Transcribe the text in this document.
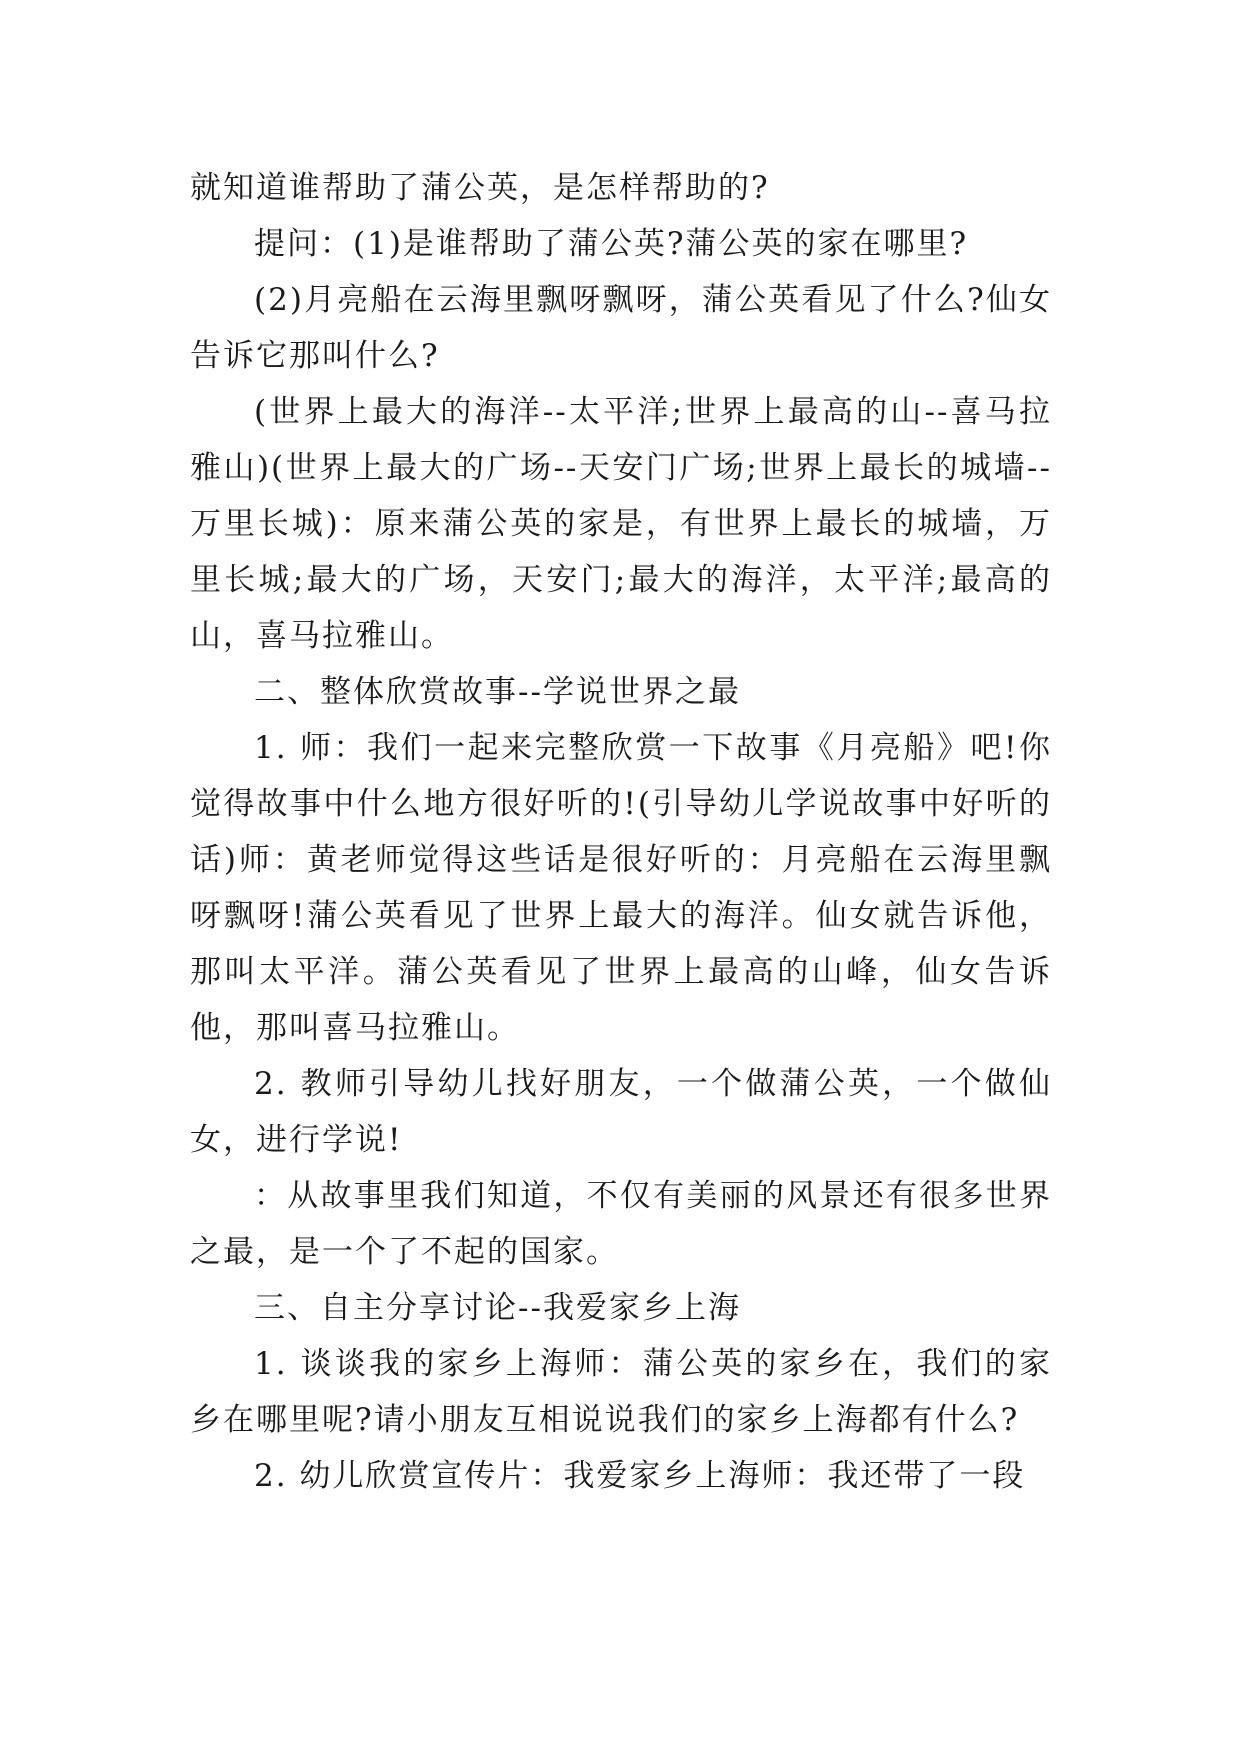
就知道谁帮助了蒲公英，是怎样帮助的?

提问：(1)是谁帮助了蒲公英?蒲公英的家在哪里?

(2)月亮船在云海里飘呀飘呀，蒲公英看见了什么?仙女告诉它那叫什么?

(世界上最大的海洋--太平洋;世界上最高的山--喜马拉雅山)(世界上最大的广场--天安门广场;世界上最长的城墙--万里长城)：原来蒲公英的家是，有世界上最长的城墙，万里长城;最大的广场，天安门;最大的海洋，太平洋;最高的山，喜马拉雅山。

二、整体欣赏故事--学说世界之最

1. 师：我们一起来完整欣赏一下故事《月亮船》吧!你觉得故事中什么地方很好听的!(引导幼儿学说故事中好听的话)师：黄老师觉得这些话是很好听的：月亮船在云海里飘呀飘呀!蒲公英看见了世界上最大的海洋。仙女就告诉他，那叫太平洋。蒲公英看见了世界上最高的山峰，仙女告诉他，那叫喜马拉雅山。

2. 教师引导幼儿找好朋友，一个做蒲公英，一个做仙女，进行学说!

：从故事里我们知道，不仅有美丽的风景还有很多世界之最，是一个了不起的国家。

三、自主分享讨论--我爱家乡上海

1. 谈谈我的家乡上海师：蒲公英的家乡在，我们的家乡在哪里呢?请小朋友互相说说我们的家乡上海都有什么?

2. 幼儿欣赏宣传片：我爱家乡上海师：我还带了一段
